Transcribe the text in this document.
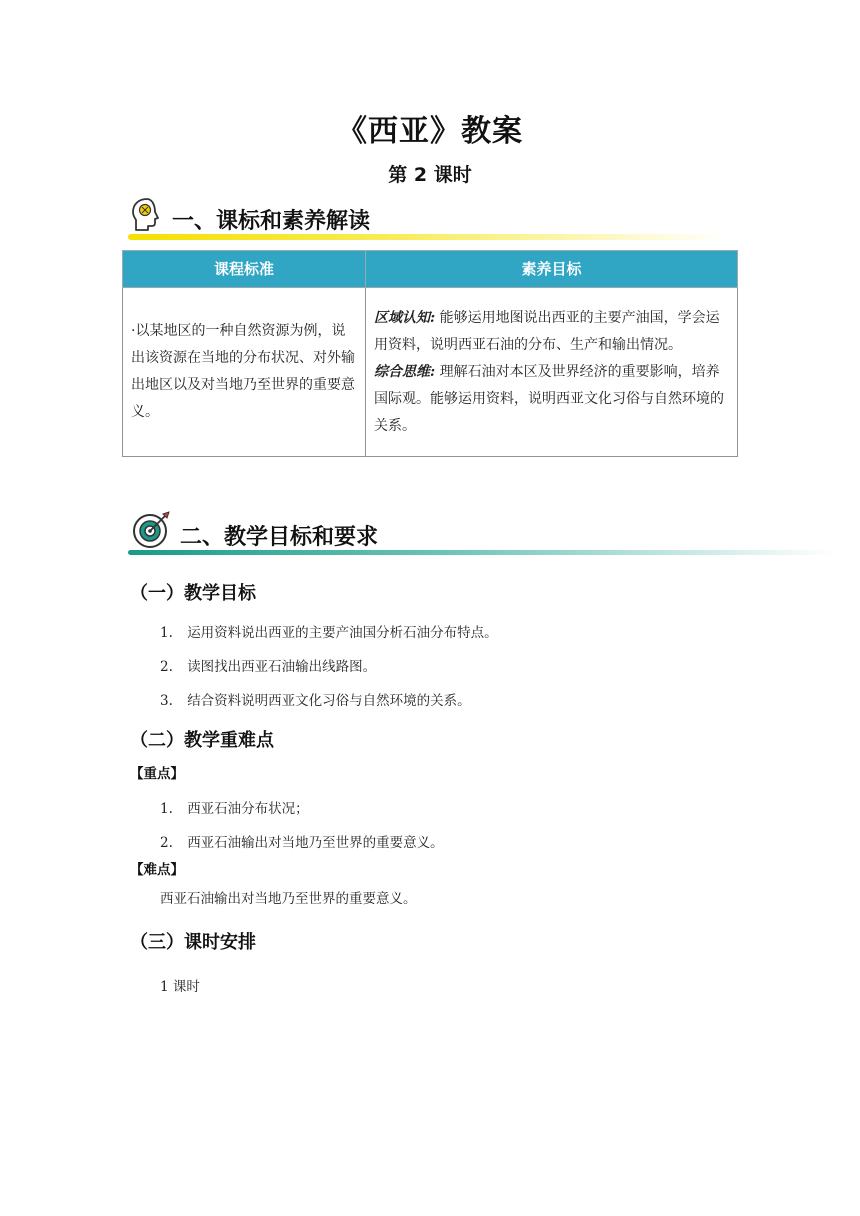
《西亚》教案
第 2 课时
一、课标和素养解读
课程标准	素养目标
·以某地区的一种自然资源为例，说出该资源在当地的分布状况、对外输出地区以及对当地乃至世界的重要意义。	区域认知: 能够运用地图说出西亚的主要产油国，学会运用资料，说明西亚石油的分布、生产和输出情况。
综合思维: 理解石油对本区及世界经济的重要影响，培养国际观。能够运用资料，说明西亚文化习俗与自然环境的关系。
二、教学目标和要求
（一）教学目标
1. 运用资料说出西亚的主要产油国分析石油分布特点。
2. 读图找出西亚石油输出线路图。
3. 结合资料说明西亚文化习俗与自然环境的关系。
（二）教学重难点
【重点】
1. 西亚石油分布状况；
2. 西亚石油输出对当地乃至世界的重要意义。
【难点】
西亚石油输出对当地乃至世界的重要意义。
（三）课时安排
1 课时
